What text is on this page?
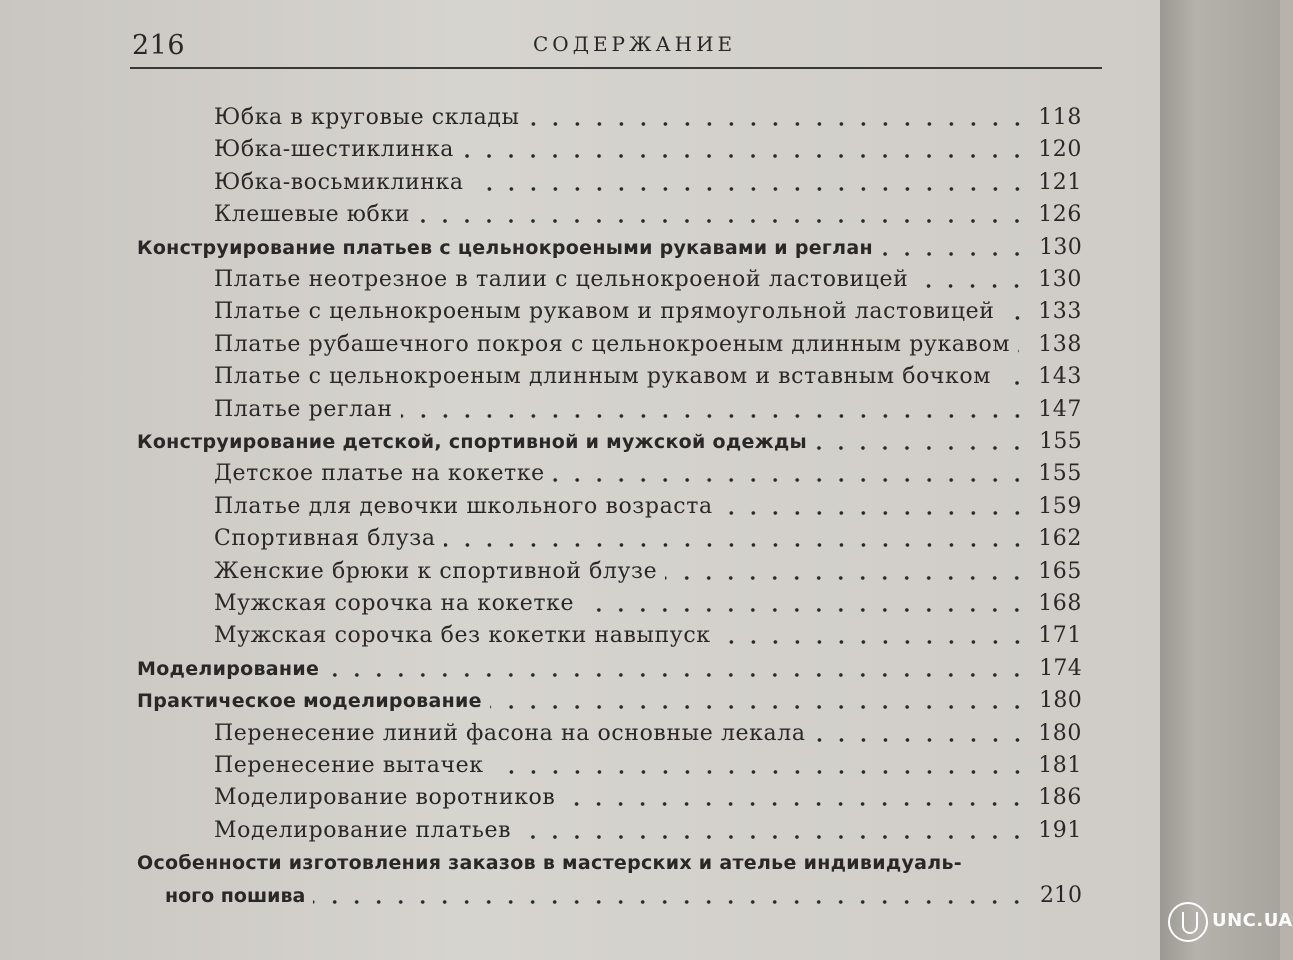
216	СОДЕРЖАНИЕ
Юбка в круговые склады	118
Юбка-шестиклинка	120
Юбка-восьмиклинка	121
Клешевые юбки	126
Конструирование платьев с цельнокроеными рукавами и реглан	130
Платье неотрезное в талии с цельнокроеной ластовицей	130
Платье с цельнокроеным рукавом и прямоугольной ластовицей 133
Платье рубашечного покроя с цельнокроеным длинным рукавом 138
Платье с цельнокроеным длинным рукавом и вставным бочком 143
Платье реглан	147
Конструирование детской, спортивной и мужской одежды	155
Детское платье на кокетке	155
Платье для девочки школьного возраста	159
Спортивная блуза	162
Женские брюки к спортивной блузе	165
Мужская сорочка на кокетке	168
Мужская сорочка без кокетки навыпуск	171
Моделирование	174
Практическое моделирование	180
Перенесение линий фасона на основные лекала	180
Перенесение вытачек	181
Моделирование воротников	186
Моделирование платьев	191
Особенности изготовления заказов в мастерских и ателье индивидуаль-
ного пошива	210
UNC.UA
